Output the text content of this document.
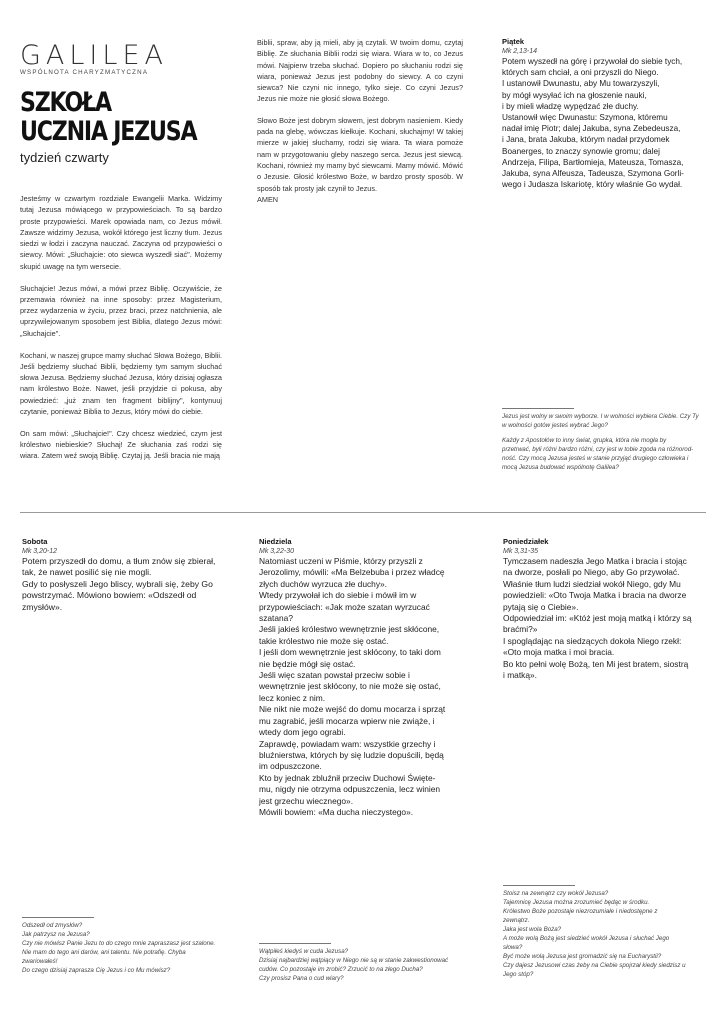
GALILEA
WSPÓLNOTA CHARYZMATYCZNA
SZKOŁA
UCZNIA JEZUSA
tydzień czwarty

Jesteśmy w czwartym rozdziale Ewangelii Marka. Widzimy tutaj Jezusa mówiącego w przypowieściach. To są bardzo proste przypowieści. Marek opowiada nam, co Jezus mówił. Zawsze widzimy Jezusa, wokół którego jest liczny tłum. Jezus siedzi w łodzi i zaczyna nauczać. Zaczyna od przypowieści o siewcy. Mówi: „Słuchajcie: oto siewca wyszedł siać". Możemy skupić uwagę na tym wersecie.

Słuchajcie! Jezus mówi, a mówi przez Biblię. Oczywiście, że przemawia również na inne sposoby: przez Magisterium, przez wydarzenia w życiu, przez braci, przez natchnienia, ale uprzywilejowanym sposobem jest Biblia, dlatego Jezus mówi: „Słuchajcie".

Kochani, w naszej grupce mamy słuchać Słowa Bożego, Biblii. Jeśli będziemy słuchać Biblii, będziemy tym samym słuchać słowa Jezusa. Będziemy słuchać Jezusa, który dzisiaj ogłasza nam królestwo Boże. Nawet, jeśli przyjdzie ci pokusa, aby powiedzieć: „już znam ten fragment biblijny", kontynuuj czytanie, ponieważ Biblia to Jezus, który mówi do ciebie.

On sam mówi: „Słuchajcie!". Czy chcesz wiedzieć, czym jest królestwo niebieskie? Słuchaj! Ze słuchania zaś rodzi się wiara. Zatem weź swoją Biblię. Czytaj ją. Jeśli bracia nie mają

Biblii, spraw, aby ją mieli, aby ją czytali. W twoim domu, czytaj Biblię. Ze słuchania Biblii rodzi się wiara. Wiara w to, co Jezus mówi. Najpierw trzeba słuchać. Dopiero po słuchaniu rodzi się wiara, ponieważ Jezus jest podobny do siewcy. A co czyni siewca? Nie czyni nic innego, tylko sieje. Co czyni Jezus? Jezus nie może nie głosić słowa Bożego.

Słowo Boże jest dobrym słowem, jest dobrym nasieniem. Kiedy pada na glebę, wówczas kiełkuje. Kochani, słuchajmy! W takiej mierze w jakiej słuchamy, rodzi się wiara. Ta wiara pomoże nam w przygotowaniu gleby naszego serca. Jezus jest siewcą. Kochani, również my mamy być siewcami. Mamy mówić. Mówić o Jezusie. Głosić królestwo Boże, w bardzo prosty sposób. W sposób tak prosty jak czynił to Jezus.
AMEN

Piątek
Mk 2,13-14
Potem wyszedł na górę i przywołał do siebie tych,
których sam chciał, a oni przyszli do Niego.
I ustanowił Dwunastu, aby Mu towarzyszyli,
by mógł wysyłać ich na głoszenie nauki,
i by mieli władzę wypędzać złe duchy.
Ustanowił więc Dwunastu: Szymona, któremu
nadał imię Piotr; dalej Jakuba, syna Zebedeusza,
i Jana, brata Jakuba, którym nadał przydomek
Boanerges, to znaczy synowie gromu; dalej
Andrzeja, Filipa, Bartłomieja, Mateusza, Tomasza,
Jakuba, syna Alfeusza, Tadeusza, Szymona Gorli-
wego i Judasza Iskariotę, który właśnie Go wydał.
Jezus jest wolny w swoim wyborze. I w wolności wybiera Ciebie. Czy Ty
w wolności gotów jesteś wybrać Jego?
Każdy z Apostołów to inny świat, grupka, która nie mogła by
przetrwać, byli różni bardzo różni, czy jest w tobie zgoda na różnorod-
ność. Czy mocą Jezusa jesteś w stanie przyjąć drugiego człowieka i
mocą Jezusa budować wspólnotę Galilea?
Sobota
Mk 3,20-12
Potem przyszedł do domu, a tłum znów się zbierał,
tak, że nawet posilić się nie mogli.
Gdy to posłyszeli Jego bliscy, wybrali się, żeby Go
powstrzymać. Mówiono bowiem: «Odszedł od
zmysłów».
Odszedł od zmysłów?
Jak patrzysz na Jezusa?
Czy nie mówisz Panie Jezu to do czego mnie zapraszasz jest szalone.
Nie mam do tego ani darów, ani talentu. Nie potrafię. Chyba
zwariowałeś!
Do czego dzisiaj zaprasza Cię Jezus i co Mu mówisz?
Niedziela
Mk 3,22-30
Natomiast uczeni w Piśmie, którzy przyszli z
Jerozolimy, mówili: «Ma Belzebuba i przez władcę
złych duchów wyrzuca złe duchy».
Wtedy przywołał ich do siebie i mówił im w
przypowieściach: «Jak może szatan wyrzucać
szatana?
Jeśli jakieś królestwo wewnętrznie jest skłócone,
takie królestwo nie może się ostać.
I jeśli dom wewnętrznie jest skłócony, to taki dom
nie będzie mógł się ostać.
Jeśli więc szatan powstał przeciw sobie i
wewnętrznie jest skłócony, to nie może się ostać,
lecz koniec z nim.
Nie nikt nie może wejść do domu mocarza i sprząt
mu zagrabić, jeśli mocarza wpierw nie zwiąże, i
wtedy dom jego ograbi.
Zaprawdę, powiadam wam: wszystkie grzechy i
bluźnierstwa, których by się ludzie dopuścili, będą
im odpuszczone.
Kto by jednak zbluźnił przeciw Duchowi Święte-
mu, nigdy nie otrzyma odpuszczenia, lecz winien
jest grzechu wiecznego».
Mówili bowiem: «Ma ducha nieczystego».
Wątpiłeś kiedyś w cuda Jezusa?
Dzisiaj najbardziej wątpiący w Niego nie są w stanie zakwestionować
cudów. Co pozostaje im zrobić? Zrzucić to na złego Ducha?
Czy prosisz Pana o cud wiary?
Poniedziałek
Mk 3,31-35
Tymczasem nadeszła Jego Matka i bracia i stojąc
na dworze, posłali po Niego, aby Go przywołać.
Właśnie tłum ludzi siedział wokół Niego, gdy Mu
powiedzieli: «Oto Twoja Matka i bracia na dworze
pytają się o Ciebie».
Odpowiedział im: «Któż jest moją matką i którzy są
braćmi?»
I spoglądając na siedzących dokoła Niego rzekł:
«Oto moja matka i moi bracia.
Bo kto pełni wolę Bożą, ten Mi jest bratem, siostrą
i matką».
Stoisz na zewnątrz czy wokół Jezusa?
Tajemnicę Jezusa można zrozumieć będąc w środku.
Królestwo Boże pozostaje niezrozumiałe i niedostępne z
zewnątrz.
Jaka jest wola Boża?
A może wolą Bożą jest siedzieć wokół Jezusa i słuchać Jego
słowa?
Być może wolą Jezusa jest gromadzić się na Eucharystii?
Czy dajesz Jezusowi czas żeby na Ciebie spojrzał kiedy siedzisz u
Jego stóp?
